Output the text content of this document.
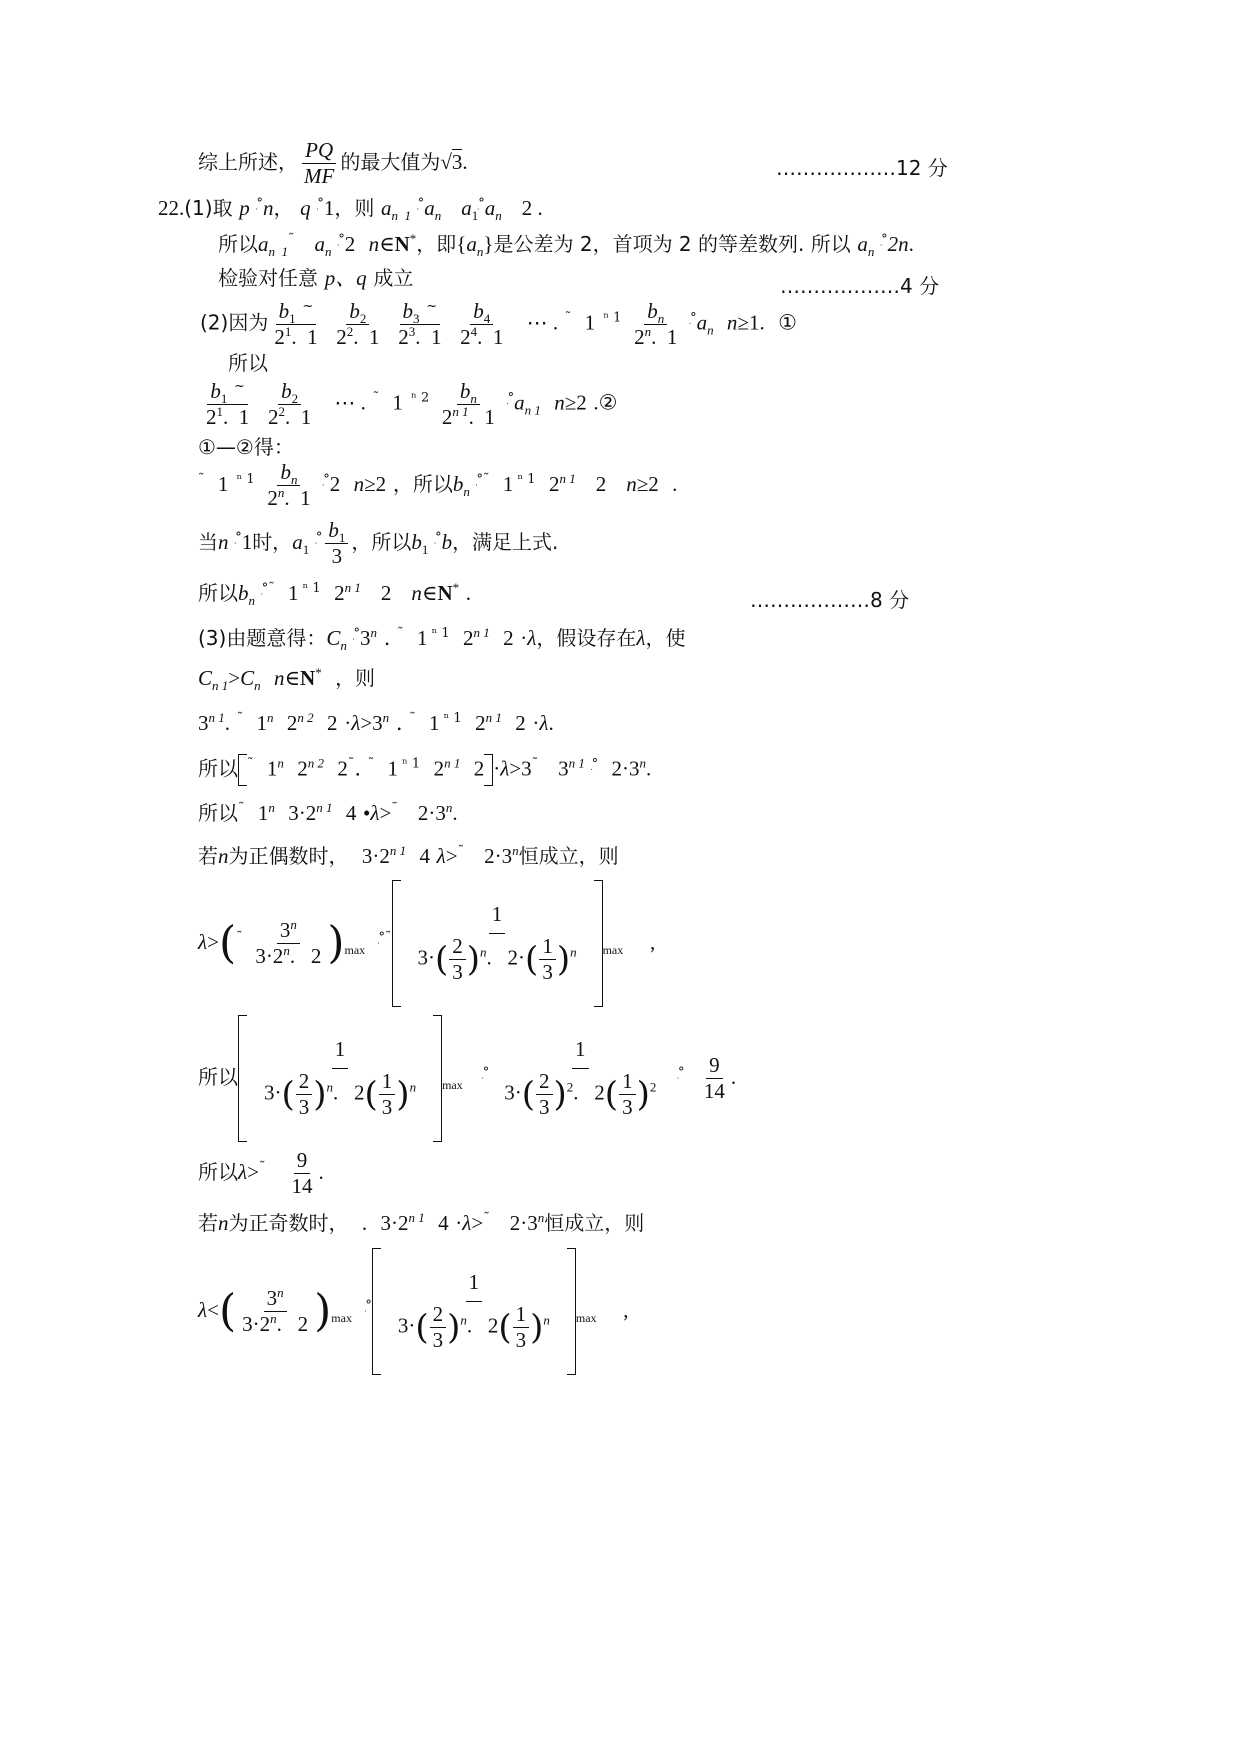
综上所述， $\frac{PQ}{MF}$ 的最大值为√3.	………………12 分
22.(1)取 p ׅ°n， q ׅ°1，则 $a_{n 1}$ $^{ׅ^\circ}a_n$ $a_1^{ׅ^\circ}a_n$ 2 .
所以$a_{n 1}^˜$ $a_n$ ׅ°2 n∈N*，即$\{a_n\}$是公差为 2，首项为 2 的等差数列. 所以 $a_n$ ׅ°2n.
检验对任意 p、q 成立	………………4 分
(2)因为 $\frac{b_1 ^\sim}{2^1. 1}$
$\frac{b_2}{2^2. 1}$
$\frac{b_3 ^\sim}{2^3. 1}$
$\frac{b_4}{2^4. 1}$ ⋯ . ˜ 1  $^{^n 1} \frac{b_n}{2^n. 1} ^{ׅ^\circ}a_n$ n≥1. ①
所以
$\frac{b_1 ^\sim}{2^1. 1}$
$\frac{b_2}{2^2. 1}$ ⋯ . ˜ 1  $^{^n 2} \frac{b_n}{2^{n 1}. 1} ^{ׅ^\circ}a_{n 1}$ n≥2 .②
①—②得：
˜ 1  $^{^n 1} \frac{b_n}{2^n. 1} ^{ׅ^\circ}2$ n≥2 ，所以$b_n$ ׅ°˜ 1 $^{^n 1}$ $2^{n 1}$ 2 n≥2 .
当n ׅ°1时，$a_1$ $^{ׅ^\circ} \frac{b_1}{3}$ ，所以$b_1$ ׅ°b，满足上式.
所以$b_n$ ׅ°˜ 1 $^{^n 1}$ $2^{n 1}$ 2 n∈N* .	………………8 分
(3)由题意得：$C_n$ ׅ°3$^n$ . ˜ 1 $^{^n 1}$ $2^{n 1}$ 2 ·λ，假设存在λ，使
$C_{n 1}>C_n$ n∈N* ，则
$3^{n 1}$. ˜ 1$^n$ $2^{n 2}$ $2 \cdot\lambda>3^n$ . ˜ 1 $^{^n 1}$ $2^{n 1}$ 2 ·λ.
所以 ˜ 1$^n$ $2^{n 2}$ 2˜. ˜ 1 $^{^n 1}$ $2^{n 1}$ 2 ·λ>3˜ $3^{n 1}$ ׅ° $2\cdot 3^n$.
所以˜ 1$^n$ $3\cdot 2^{n 1}$ 4 •λ>˜ $2\cdot 3^n$.
若n为正偶数时， $3\cdot 2^{n 1}$ 4 λ>˜ $2\cdot 3^n$恒成立，则
$\lambda>(^˜ \frac{3^n}{3\cdot 2^n. 2} )_{max}$  $^{ׅ^\circ˜} \frac{1}{3\cdot( \frac{2}{3} )^n. 2\cdot( \frac{1}{3} )^n} _{max}$ ,
所以 $\frac{1}{3\cdot( \frac{2}{3} )^n. 2( \frac{1}{3} )^n} _{max}$   $^{ׅ^\circ} \frac{1}{3\cdot( \frac{2}{3} )^2. 2( \frac{1}{3} )^2} ^{ׅ^\circ} \frac{9}{14}$ .
所以$\lambda>^˜ \frac{9}{14}$ .
若n为正奇数时， . $3\cdot 2^{n 1}$ 4 ·λ>˜ $2\cdot 3^n$恒成立，则
$\lambda<( \frac{3^n}{3\cdot 2^n. 2} )_{max}$  $^{ׅ^\circ} \frac{1}{3\cdot( \frac{2}{3} )^n. 2( \frac{1}{3} )^n} _{max}$ ,
